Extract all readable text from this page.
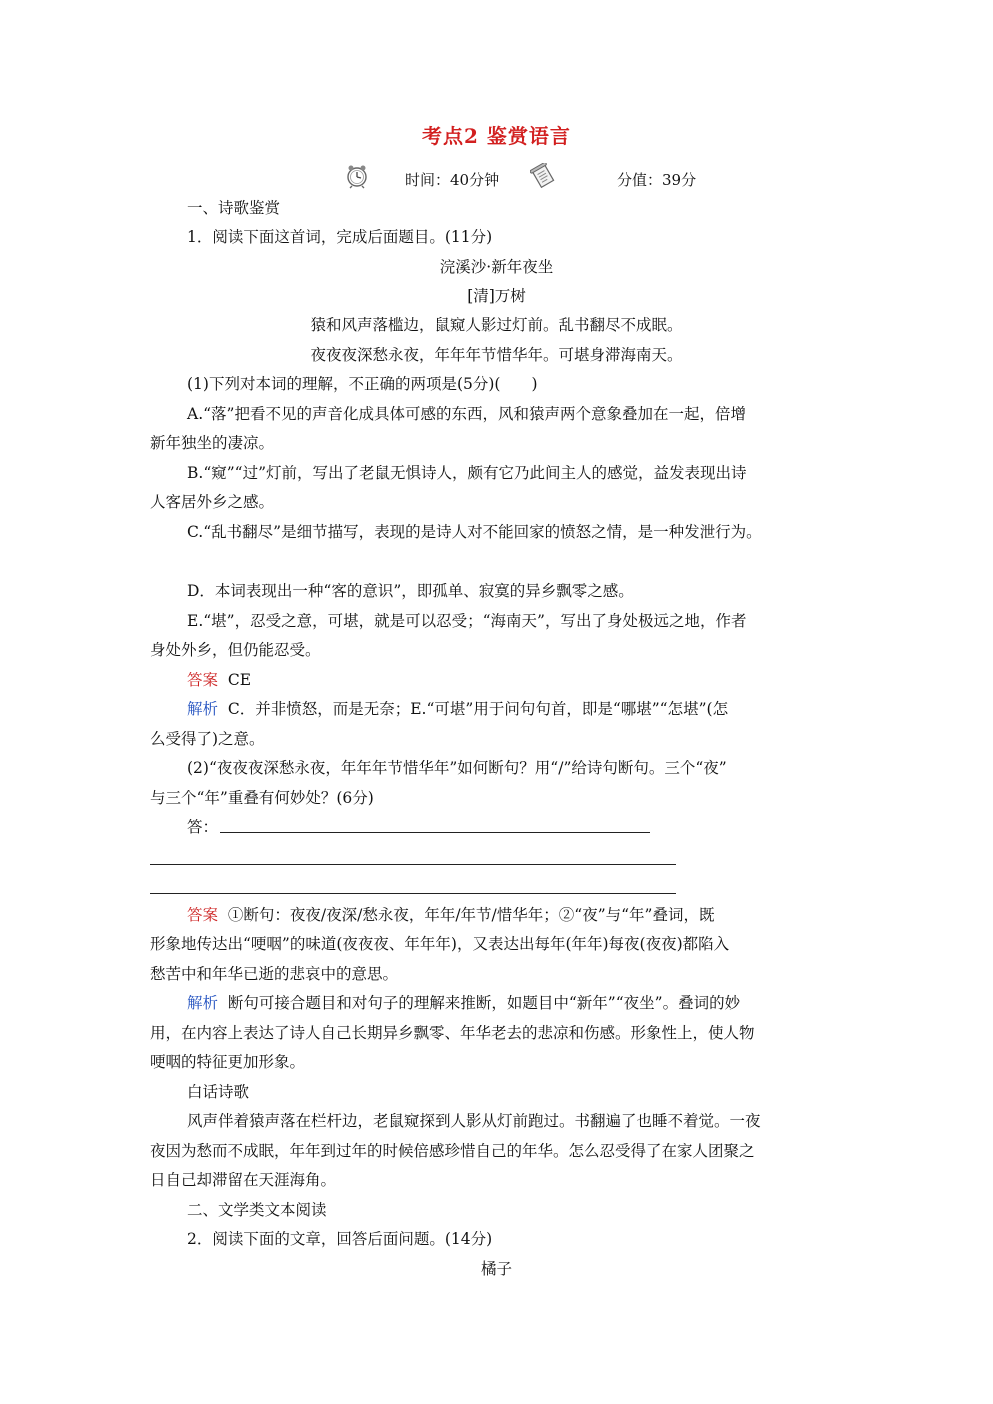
考点2 鉴赏语言
时间：40分钟	分值：39分
一、诗歌鉴赏
1．阅读下面这首词，完成后面题目。(11分)
浣溪沙·新年夜坐
[清]万树
猿和风声落槛边，鼠窥人影过灯前。乱书翻尽不成眠。
夜夜夜深愁永夜，年年年节惜华年。可堪身滞海南天。
(1)下列对本词的理解，不正确的两项是(5分)(　　)
A.“落”把看不见的声音化成具体可感的东西，风和猿声两个意象叠加在一起，倍增
新年独坐的凄凉。
B.“窥”“过”灯前，写出了老鼠无惧诗人，颇有它乃此间主人的感觉，益发表现出诗
人客居外乡之感。
C.“乱书翻尽”是细节描写，表现的是诗人对不能回家的愤怒之情，是一种发泄行为。
D．本词表现出一种“客的意识”，即孤单、寂寞的异乡飘零之感。
E.“堪”，忍受之意，可堪，就是可以忍受；“海南天”，写出了身处极远之地，作者
身处外乡，但仍能忍受。
答案 CE
解析 C．并非愤怒，而是无奈；E.“可堪”用于问句句首，即是“哪堪”“怎堪”(怎
么受得了)之意。
(2)“夜夜夜深愁永夜，年年年节惜华年”如何断句？用“/”给诗句断句。三个“夜”
与三个“年”重叠有何妙处？(6分)
答：
答案 ①断句：夜夜/夜深/愁永夜，年年/年节/惜华年；②“夜”与“年”叠词，既
形象地传达出“哽咽”的味道(夜夜夜、年年年)，又表达出每年(年年)每夜(夜夜)都陷入
愁苦中和年华已逝的悲哀中的意思。
解析 断句可接合题目和对句子的理解来推断，如题目中“新年”“夜坐”。叠词的妙
用，在内容上表达了诗人自己长期异乡飘零、年华老去的悲凉和伤感。形象性上，使人物
哽咽的特征更加形象。
白话诗歌
风声伴着猿声落在栏杆边，老鼠窥探到人影从灯前跑过。书翻遍了也睡不着觉。一夜
夜因为愁而不成眠，年年到过年的时候倍感珍惜自己的年华。怎么忍受得了在家人团聚之
日自己却滞留在天涯海角。
二、文学类文本阅读
2．阅读下面的文章，回答后面问题。(14分)
橘子
